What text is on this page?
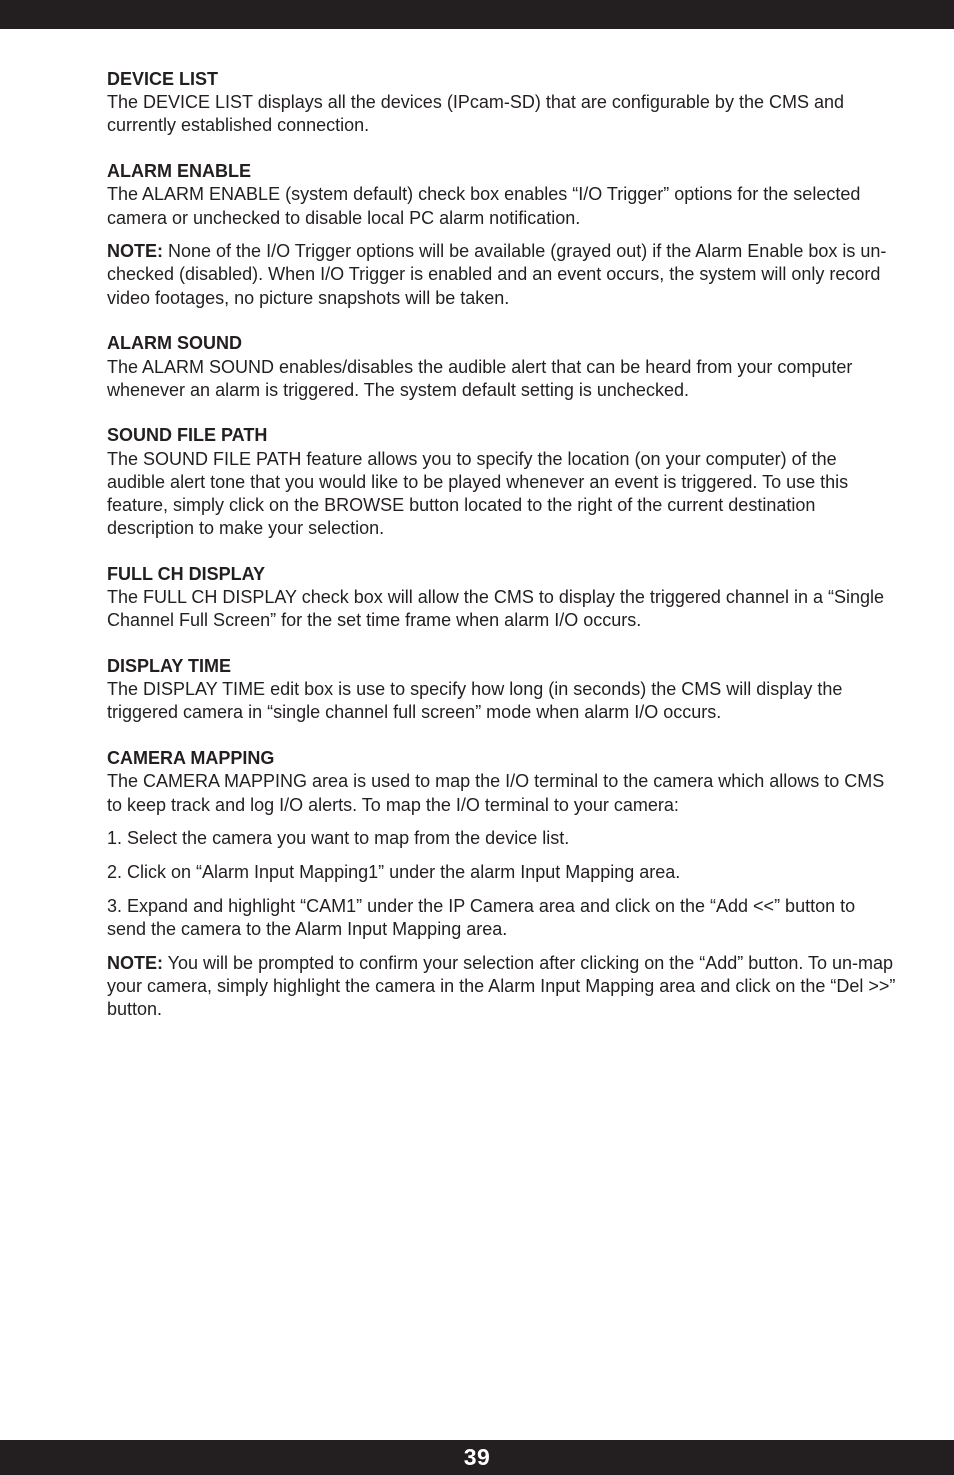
DEVICE LIST

The DEVICE LIST displays all the devices (IPcam-SD) that are configurable by the CMS and currently established connection.

ALARM ENABLE

The ALARM ENABLE (system default) check box enables “I/O Trigger” options for the selected camera or unchecked to disable local PC alarm notification.

NOTE: None of the I/O Trigger options will be available (grayed out) if the Alarm Enable box is un-checked (disabled). When I/O Trigger is enabled and an event occurs, the system will only record video footages, no picture snapshots will be taken.

ALARM SOUND

The ALARM SOUND enables/disables the audible alert that can be heard from your computer whenever an alarm is triggered. The system default setting is unchecked.

SOUND FILE PATH

The SOUND FILE PATH feature allows you to specify the location (on your computer) of the audible alert tone that you would like to be played whenever an event is triggered. To use this feature, simply click on the BROWSE button located to the right of the current destination description to make your selection.

FULL CH DISPLAY

The FULL CH DISPLAY check box will allow the CMS to display the triggered channel in a “Single Channel Full Screen” for the set time frame when alarm I/O occurs.

DISPLAY TIME

The DISPLAY TIME edit box is use to specify how long (in seconds) the CMS will display the triggered camera in “single channel full screen” mode when alarm I/O occurs.

CAMERA MAPPING

The CAMERA MAPPING area is used to map the I/O terminal to the camera which allows to CMS to keep track and log I/O alerts. To map the I/O terminal to your camera:

1. Select the camera you want to map from the device list.

2. Click on “Alarm Input Mapping1” under the alarm Input Mapping area.

3. Expand and highlight “CAM1” under the IP Camera area and click on the “Add <<” button to send the camera to the Alarm Input Mapping area.

NOTE: You will be prompted to confirm your selection after clicking on the “Add” button. To un-map your camera, simply highlight the camera in the Alarm Input Mapping area and click on the “Del >>” button.

39
